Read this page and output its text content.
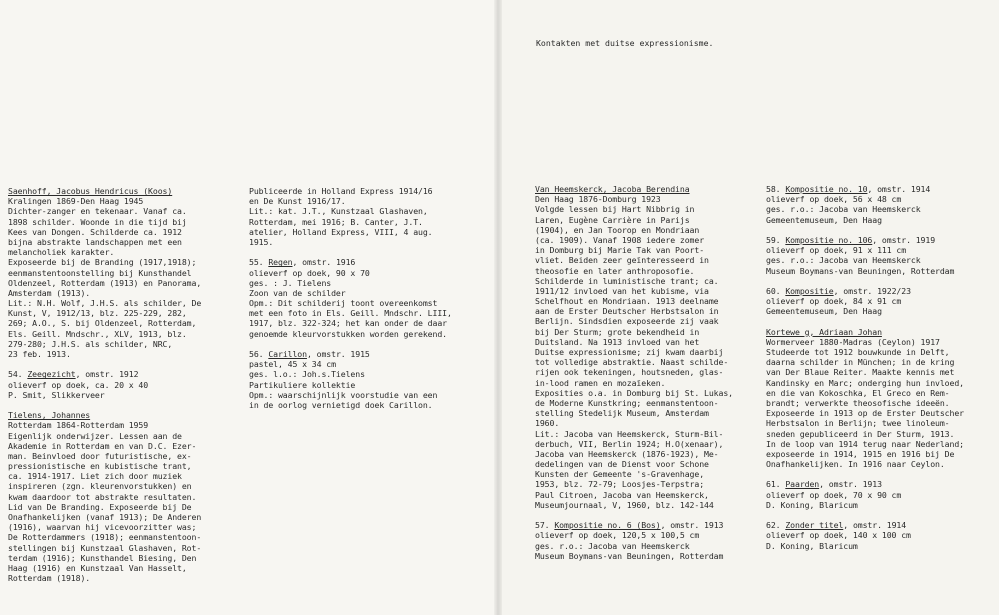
Kontakten met duitse expressionisme.
Saenhoff, Jacobus Hendricus (Koos)
Kralingen 1869-Den Haag 1945
Dichter-zanger en tekenaar. Vanaf ca.
1898 schilder. Woonde in die tijd bij
Kees van Dongen. Schilderde ca. 1912
bijna abstrakte landschappen met een
melancholiek karakter.
Exposeerde bij de Branding (1917,1918);
eenmanstentoonstelling bij Kunsthandel
Oldenzeel, Rotterdam (1913) en Panorama,
Amsterdam (1913).
Lit.: N.H. Wolf, J.H.S. als schilder, De
Kunst, V, 1912/13, blz. 225-229, 282,
269; A.O., S. bij Oldenzeel, Rotterdam,
Els. Geill. Mndschr., XLV, 1913, blz.
279-280; J.H.S. als schilder, NRC,
23 feb. 1913.

54. Zeegezicht, omstr. 1912
olieverf op doek, ca. 20 x 40
P. Smit, Slikkerveer

Tielens, Johannes
Rotterdam 1864-Rotterdam 1959
Eigenlijk onderwijzer. Lessen aan de
Akademie in Rotterdam en van D.C. Ezer-
man. Beinvloed door futuristische, ex-
pressionistische en kubistische trant,
ca. 1914-1917. Liet zich door muziek
inspireren (zgn. kleurenvorstukken) en
kwam daardoor tot abstrakte resultaten.
Lid van De Branding. Exposeerde bij De
Onafhankelijken (vanaf 1913); De Anderen
(1916), waarvan hij vicevoorzitter was;
De Rotterdammers (1918); eenmanstentoon-
stellingen bij Kunstzaal Glashaven, Rot-
terdam (1916); Kunsthandel Biesing, Den
Haag (1916) en Kunstzaal Van Hasselt,
Rotterdam (1918).
Publiceerde in Holland Express 1914/16
en De Kunst 1916/17.
Lit.: kat. J.T., Kunstzaal Glashaven,
Rotterdam, mei 1916; B. Canter, J.T.
atelier, Holland Express, VIII, 4 aug.
1915.

55. Regen, omstr. 1916
olieverf op doek, 90 x 70
ges. : J. Tielens
Zoon van de schilder
Opm.: Dit schilderij toont overeenkomst
met een foto in Els. Geill. Mndschr. LIII,
1917, blz. 322-324; het kan onder de daar
genoemde kleurvorstukken worden gerekend.

56. Carillon, omstr. 1915
pastel, 45 x 34 cm
ges. l.o.: Joh.s.Tielens
Partikuliere kollektie
Opm.: waarschijnlijk voorstudie van een
in de oorlog vernietigd doek Carillon.
Van Heemskerck, Jacoba Berendina
Den Haag 1876-Domburg 1923
Volgde lessen bij Hart Nibbrig in
Laren, Eugène Carrière in Parijs
(1904), en Jan Toorop en Mondriaan
(ca. 1909). Vanaf 1908 iedere zomer
in Domburg bij Marie Tak van Poort-
vliet. Beiden zeer geïnteresseerd in
theosofie en later anthroposofie.
Schilderde in luministische trant; ca.
1911/12 invloed van het kubisme, via
Schelfhout en Mondriaan. 1913 deelname
aan de Erster Deutscher Herbstsalon in
Berlijn. Sindsdien exposeerde zij vaak
bij Der Sturm; grote bekendheid in
Duitsland. Na 1913 invloed van het
Duitse expressionisme; zij kwam daarbij
tot volledige abstraktie. Naast schilde-
rijen ook tekeningen, houtsneden, glas-
in-lood ramen en mozaïeken.
Exposities o.a. in Domburg bij St. Lukas,
de Moderne Kunstkring; eenmanstentoon-
stelling Stedelijk Museum, Amsterdam
1960.
Lit.: Jacoba van Heemskerck, Sturm-Bil-
derbuch, VII, Berlin 1924; H.O(xenaar),
Jacoba van Heemskerck (1876-1923), Me-
dedelingen van de Dienst voor Schone
Kunsten der Gemeente 's-Gravenhage,
1953, blz. 72-79; Loosjes-Terpstra;
Paul Citroen, Jacoba van Heemskerck,
Museumjournaal, V, 1960, blz. 142-144

57. Kompositie no. 6 (Bos), omstr. 1913
olieverf op doek, 120,5 x 100,5 cm
ges. r.o.: Jacoba van Heemskerck
Museum Boymans-van Beuningen, Rotterdam
58. Kompositie no. 10, omstr. 1914
olieverf op doek, 56 x 48 cm
ges. r.o.: Jacoba van Heemskerck
Gemeentemuseum, Den Haag

59. Kompositie no. 106, omstr. 1919
olieverf op doek, 91 x 111 cm
ges. r.o.: Jacoba van Heemskerck
Museum Boymans-van Beuningen, Rotterdam

60. Kompositie, omstr. 1922/23
olieverf op doek, 84 x 91 cm
Gemeentemuseum, Den Haag

Kortewe g, Adriaan Johan
Wormerveer 1880-Madras (Ceylon) 1917
Studeerde tot 1912 bouwkunde in Delft,
daarna schilder in München; in de kring
van Der Blaue Reiter. Maakte kennis met
Kandinsky en Marc; onderging hun invloed,
en die van Kokoschka, El Greco en Rem-
brandt; verwerkte theosofische ideeën.
Exposeerde in 1913 op de Erster Deutscher
Herbstsalon in Berlijn; twee linoleum-
sneden gepubliceerd in Der Sturm, 1913.
In de loop van 1914 terug naar Nederland;
exposeerde in 1914, 1915 en 1916 bij De
Onafhankelijken. In 1916 naar Ceylon.

61. Paarden, omstr. 1913
olieverf op doek, 70 x 90 cm
D. Koning, Blaricum

62. Zonder titel, omstr. 1914
olieverf op doek, 140 x 100 cm
D. Koning, Blaricum
